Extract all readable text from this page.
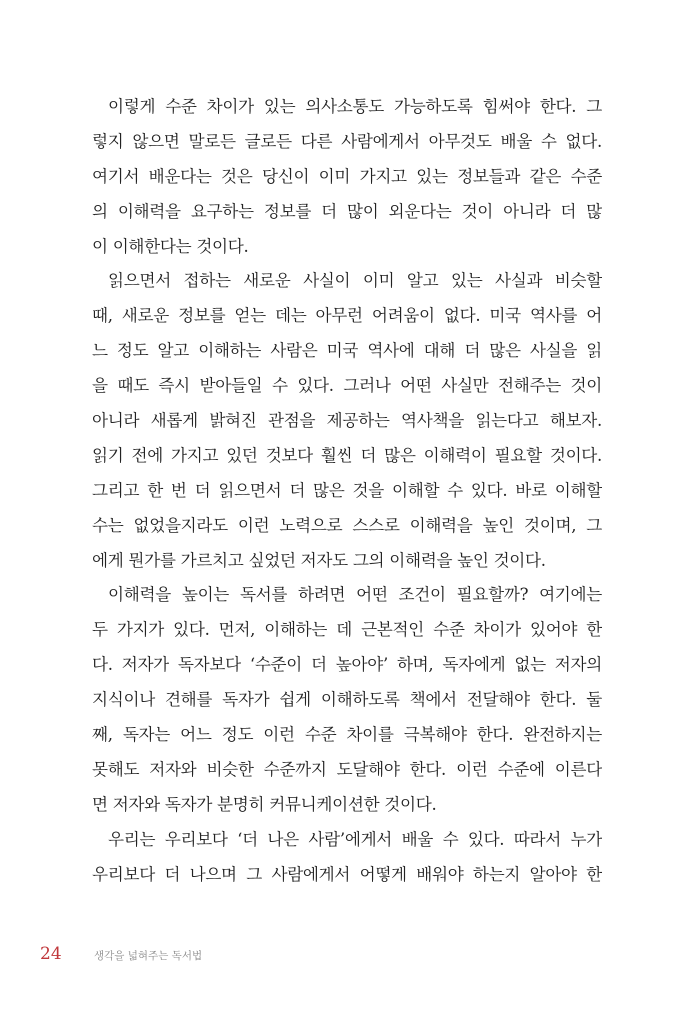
이렇게 수준 차이가 있는 의사소통도 가능하도록 힘써야 한다. 그
렇지 않으면 말로든 글로든 다른 사람에게서 아무것도 배울 수 없다.
여기서 배운다는 것은 당신이 이미 가지고 있는 정보들과 같은 수준
의 이해력을 요구하는 정보를 더 많이 외운다는 것이 아니라 더 많
이 이해한다는 것이다.
읽으면서 접하는 새로운 사실이 이미 알고 있는 사실과 비슷할
때, 새로운 정보를 얻는 데는 아무런 어려움이 없다. 미국 역사를 어
느 정도 알고 이해하는 사람은 미국 역사에 대해 더 많은 사실을 읽
을 때도 즉시 받아들일 수 있다. 그러나 어떤 사실만 전해주는 것이
아니라 새롭게 밝혀진 관점을 제공하는 역사책을 읽는다고 해보자.
읽기 전에 가지고 있던 것보다 훨씬 더 많은 이해력이 필요할 것이다.
그리고 한 번 더 읽으면서 더 많은 것을 이해할 수 있다. 바로 이해할
수는 없었을지라도 이런 노력으로 스스로 이해력을 높인 것이며, 그
에게 뭔가를 가르치고 싶었던 저자도 그의 이해력을 높인 것이다.
이해력을 높이는 독서를 하려면 어떤 조건이 필요할까? 여기에는
두 가지가 있다. 먼저, 이해하는 데 근본적인 수준 차이가 있어야 한
다. 저자가 독자보다 ‘수준이 더 높아야’ 하며, 독자에게 없는 저자의
지식이나 견해를 독자가 쉽게 이해하도록 책에서 전달해야 한다. 둘
째, 독자는 어느 정도 이런 수준 차이를 극복해야 한다. 완전하지는
못해도 저자와 비슷한 수준까지 도달해야 한다. 이런 수준에 이른다
면 저자와 독자가 분명히 커뮤니케이션한 것이다.
우리는 우리보다 ‘더 나은 사람’에게서 배울 수 있다. 따라서 누가
우리보다 더 나으며 그 사람에게서 어떻게 배워야 하는지 알아야 한
24	생각을 넓혀주는 독서법
